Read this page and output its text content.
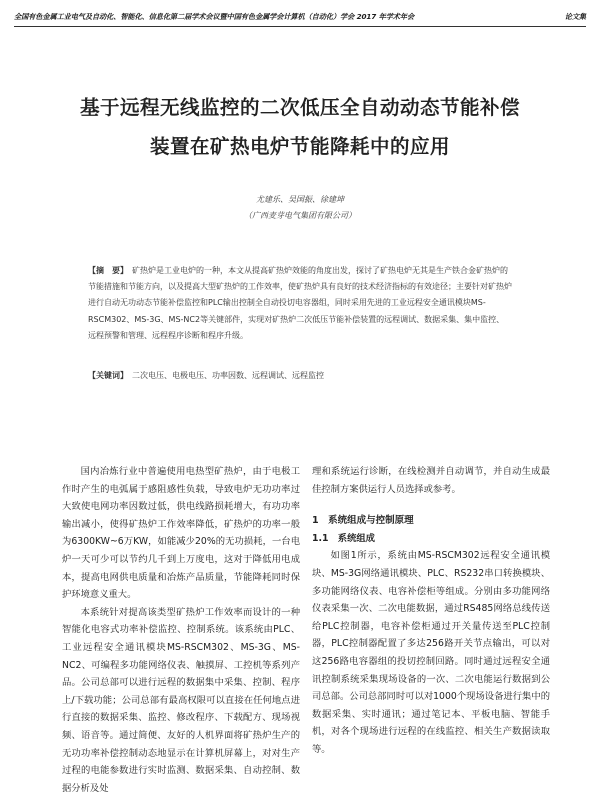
全国有色金属工业电气及自动化、智能化、信息化第二届学术会议暨中国有色金属学会计算机（自动化）学会 2017 年学术年会	论文集
基于远程无线监控的二次低压全自动动态节能补偿
装置在矿热电炉节能降耗中的应用
尤建乐、吴国振、徐建坤
（广西麦芽电气集团有限公司）
【摘　要】 矿热炉是工业电炉的一种，本文从提高矿热炉效能的角度出发，探讨了矿热电炉无其是生产铁合金矿热炉的节能措施和节能方向，以及提高大型矿热炉的工作效率，使矿热炉具有良好的技术经济指标的有效途径；主要针对矿热炉进行自动无功动态节能补偿监控和PLC输出控制全自动投切电容器组，同时采用先进的工业远程安全通讯模块MS-RSCM302、MS-3G、MS-NC2等关键部件，实现对矿热炉二次低压节能补偿装置的远程调试、数据采集、集中监控、远程预警和管理、远程程序诊断和程序升级。
【关键词】 二次电压、电极电压、功率因数、远程调试、远程监控

国内冶炼行业中普遍使用电热型矿热炉，由于电极工作时产生的电弧属于感阻感性负载，导致电炉无功功率过大致使电网功率因数过低，供电线路损耗增大，有功功率输出减小，使得矿热炉工作效率降低，矿热炉的功率一般为6300KW~6万KW，如能减少20%的无功损耗，一台电炉一天可少可以节约几千到上万度电，这对于降低用电成本，提高电网供电质量和冶炼产品质量，节能降耗同时保护环境意义重大。

本系统针对提高该类型矿热炉工作效率而设计的一种智能化电容式功率补偿监控、控制系统。该系统由PLC、工业远程安全通讯模块MS-RSCM302、MS-3G、MS-NC2、可编程多功能网络仪表、触摸屏、工控机等系列产品。公司总部可以进行远程的数据集中采集、控制、程序上/下载功能；公司总部有最高权限可以直接在任何地点进行直接的数据采集、监控、修改程序、下载配方、现场视频、语音等。通过简便、友好的人机界面将矿热炉生产的无功功率补偿控制动态地显示在计算机屏幕上，对对生产过程的电能参数进行实时监测、数据采集、自动控制、数据分析及处

理和系统运行诊断，在线检测并自动调节，并自动生成最佳控制方案供运行人员选择或参考。

1　系统组成与控制原理
1.1　系统组成

如图1所示，系统由MS-RSCM302远程安全通讯模块、MS-3G网络通讯模块、PLC、RS232串口转换模块、多功能网络仪表、电容补偿柜等组成。分别由多功能网络仪表采集一次、二次电能数据，通过RS485网络总线传送给PLC控制器，电容补偿柜通过开关量传送至PLC控制器，PLC控制器配置了多达256路开关节点输出，可以对这256路电容器组的投切控制回路。同时通过远程安全通讯控制系统采集现场设备的一次、二次电能运行数据到公司总部。公司总部同时可以对1000个现场设备进行集中的数据采集、实时通讯；通过笔记本、平板电脑、智能手机，对各个现场进行远程的在线监控、相关生产数据读取等。
